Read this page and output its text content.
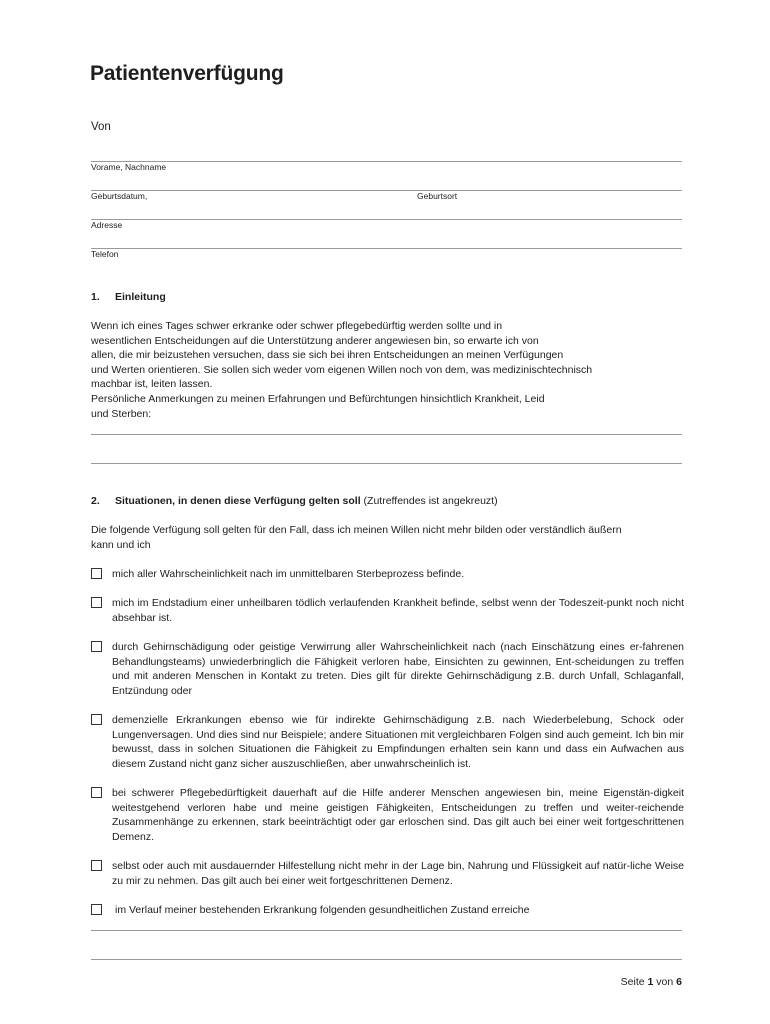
Patientenverfügung
Von
Vorame, Nachname
Geburtsdatum,	Geburtsort
Adresse
Telefon
1. Einleitung
Wenn ich eines Tages schwer erkranke oder schwer pflegebedürftig werden sollte und in
wesentlichen Entscheidungen auf die Unterstützung anderer angewiesen bin, so erwarte ich von
allen, die mir beizustehen versuchen, dass sie sich bei ihren Entscheidungen an meinen Verfügungen
und Werten orientieren. Sie sollen sich weder vom eigenen Willen noch von dem, was medizinischtechnisch
machbar ist, leiten lassen.
Persönliche Anmerkungen zu meinen Erfahrungen und Befürchtungen hinsichtlich Krankheit, Leid
und Sterben:
2. Situationen, in denen diese Verfügung gelten soll (Zutreffendes ist angekreuzt)
Die folgende Verfügung soll gelten für den Fall, dass ich meinen Willen nicht mehr bilden oder verständlich äußern
kann und ich
mich aller Wahrscheinlichkeit nach im unmittelbaren Sterbeprozess befinde.
mich im Endstadium einer unheilbaren tödlich verlaufenden Krankheit befinde, selbst wenn der Todeszeit-punkt noch nicht absehbar ist.
durch Gehirnschädigung oder geistige Verwirrung aller Wahrscheinlichkeit nach (nach Einschätzung eines er-fahrenen Behandlungsteams) unwiederbringlich die Fähigkeit verloren habe, Einsichten zu gewinnen, Ent-scheidungen zu treffen und mit anderen Menschen in Kontakt zu treten. Dies gilt für direkte Gehirnschädigung z.B. durch Unfall, Schlaganfall, Entzündung oder
demenzielle Erkrankungen ebenso wie für indirekte Gehirnschädigung z.B. nach Wiederbelebung, Schock oder Lungenversagen. Und dies sind nur Beispiele; andere Situationen mit vergleichbaren Folgen sind auch gemeint. Ich bin mir bewusst, dass in solchen Situationen die Fähigkeit zu Empfindungen erhalten sein kann und dass ein Aufwachen aus diesem Zustand nicht ganz sicher auszuschließen, aber unwahrscheinlich ist.
bei schwerer Pflegebedürftigkeit dauerhaft auf die Hilfe anderer Menschen angewiesen bin, meine Eigenstän-digkeit weitestgehend verloren habe und meine geistigen Fähigkeiten, Entscheidungen zu treffen und weiter-reichende Zusammenhänge zu erkennen, stark beeinträchtigt oder gar erloschen sind. Das gilt auch bei einer weit fortgeschrittenen Demenz.
selbst oder auch mit ausdauernder Hilfestellung nicht mehr in der Lage bin, Nahrung und Flüssigkeit auf natür-liche Weise zu mir zu nehmen. Das gilt auch bei einer weit fortgeschrittenen Demenz.
im Verlauf meiner bestehenden Erkrankung folgenden gesundheitlichen Zustand erreiche
Seite 1 von 6
